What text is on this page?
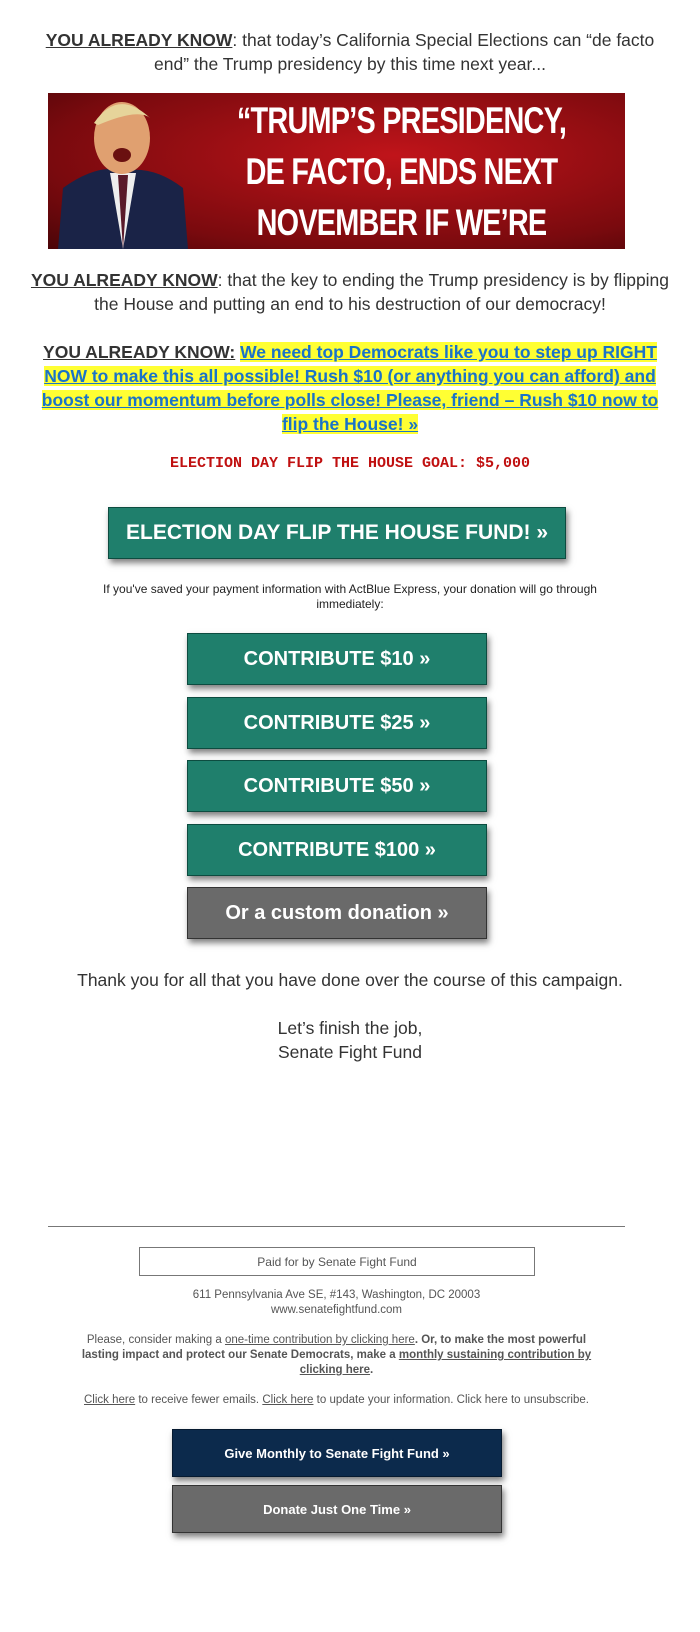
YOU ALREADY KNOW: that today’s California Special Elections can “de facto end” the Trump presidency by this time next year...
“TRUMP’S PRESIDENCY, DE FACTO, ENDS NEXT NOVEMBER IF WE’RE
YOU ALREADY KNOW: that the key to ending the Trump presidency is by flipping the House and putting an end to his destruction of our democracy!
YOU ALREADY KNOW: We need top Democrats like you to step up RIGHT NOW to make this all possible! Rush $10 (or anything you can afford) and boost our momentum before polls close! Please, friend – Rush $10 now to flip the House! »
ELECTION DAY FLIP THE HOUSE GOAL: $5,000
ELECTION DAY FLIP THE HOUSE FUND! »
If you've saved your payment information with ActBlue Express, your donation will go through immediately:
CONTRIBUTE $10 »
CONTRIBUTE $25 »
CONTRIBUTE $50 »
CONTRIBUTE $100 »
Or a custom donation »
Thank you for all that you have done over the course of this campaign.
Let’s finish the job,
Senate Fight Fund
Paid for by Senate Fight Fund
611 Pennsylvania Ave SE, #143, Washington, DC 20003
www.senatefightfund.com
Please, consider making a one-time contribution by clicking here. Or, to make the most powerful lasting impact and protect our Senate Democrats, make a monthly sustaining contribution by clicking here.
Click here to receive fewer emails. Click here to update your information. Click here to unsubscribe.
Give Monthly to Senate Fight Fund »
Donate Just One Time »
